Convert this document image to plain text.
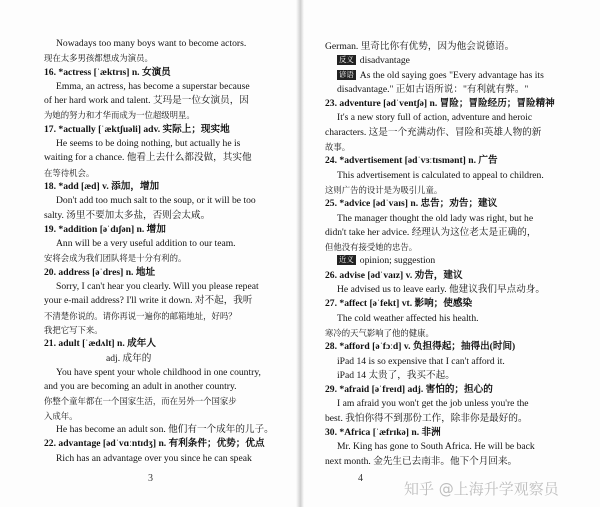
Nowadays too many boys want to become actors.
现在太多男孩都想成为演员。
16. *actress [ˈæktrɪs] n. 女演员
Emma, an actress, has become a superstar because
of her hard work and talent. 艾玛是一位女演员，因
为她的努力和才华而成为一位超级明星。
17. *actually [ˈæktʃuəli] adv. 实际上；现实地
He seems to be doing nothing, but actually he is
waiting for a chance. 他看上去什么都没做，其实他
在等待机会。
18. *add [æd] v. 添加，增加
Don't add too much salt to the soup, or it will be too
salty. 汤里不要加太多盐，否则会太咸。
19. *addition [əˈdɪʃən] n. 增加
Ann will be a very useful addition to our team.
安将会成为我们团队将是十分有利的。
20. address [əˈdres] n. 地址
Sorry, I can't hear you clearly. Will you please repeat
your e-mail address? I'll write it down. 对不起，我听
不清楚你说的。请你再说一遍你的邮箱地址，好吗？
我把它写下来。
21. adult [ˈædʌlt] n. 成年人
adj. 成年的
You have spent your whole childhood in one country,
and you are becoming an adult in another country.
你整个童年都在一个国家生活，而在另外一个国家步
入成年。
He has become an adult son. 他们有一个成年的儿子。
22. advantage [ədˈvɑːntɪdʒ] n. 有利条件；优势；优点
Rich has an advantage over you since he can speak
3
German. 里奇比你有优势，因为他会说德语。
反义 disadvantage
谚语 As the old saying goes "Every advantage has its
disadvantage." 正如古语所说："有利就有弊。"
23. adventure [ədˈventʃə] n. 冒险；冒险经历；冒险精神
It's a new story full of action, adventure and heroic
characters. 这是一个充满动作、冒险和英雄人物的新
故事。
24. *advertisement [ədˈvɜːtɪsmənt] n. 广告
This advertisement is calculated to appeal to children.
这则广告的设计是为吸引儿童。
25. *advice [ədˈvaɪs] n. 忠告；劝告；建议
The manager thought the old lady was right, but he
didn't take her advice. 经理认为这位老太是正确的，
但他没有接受她的忠告。
近义 opinion; suggestion
26. advise [ədˈvaɪz] v. 劝告，建议
He advised us to leave early. 他建议我们早点动身。
27. *affect [əˈfekt] vt. 影响；使感染
The cold weather affected his health.
寒冷的天气影响了他的健康。
28. *afford [əˈfɔːd] v. 负担得起；抽得出(时间)
iPad 14 is so expensive that I can't afford it.
iPad 14 太贵了，我买不起。
29. *afraid [əˈfreɪd] adj. 害怕的；担心的
I am afraid you won't get the job unless you're the
best. 我怕你得不到那份工作，除非你是最好的。
30. *Africa [ˈæfrɪkə] n. 非洲
Mr. King has gone to South Africa. He will be back
next month. 金先生已去南非。他下个月回来。
4
知乎 @上海升学观察员
